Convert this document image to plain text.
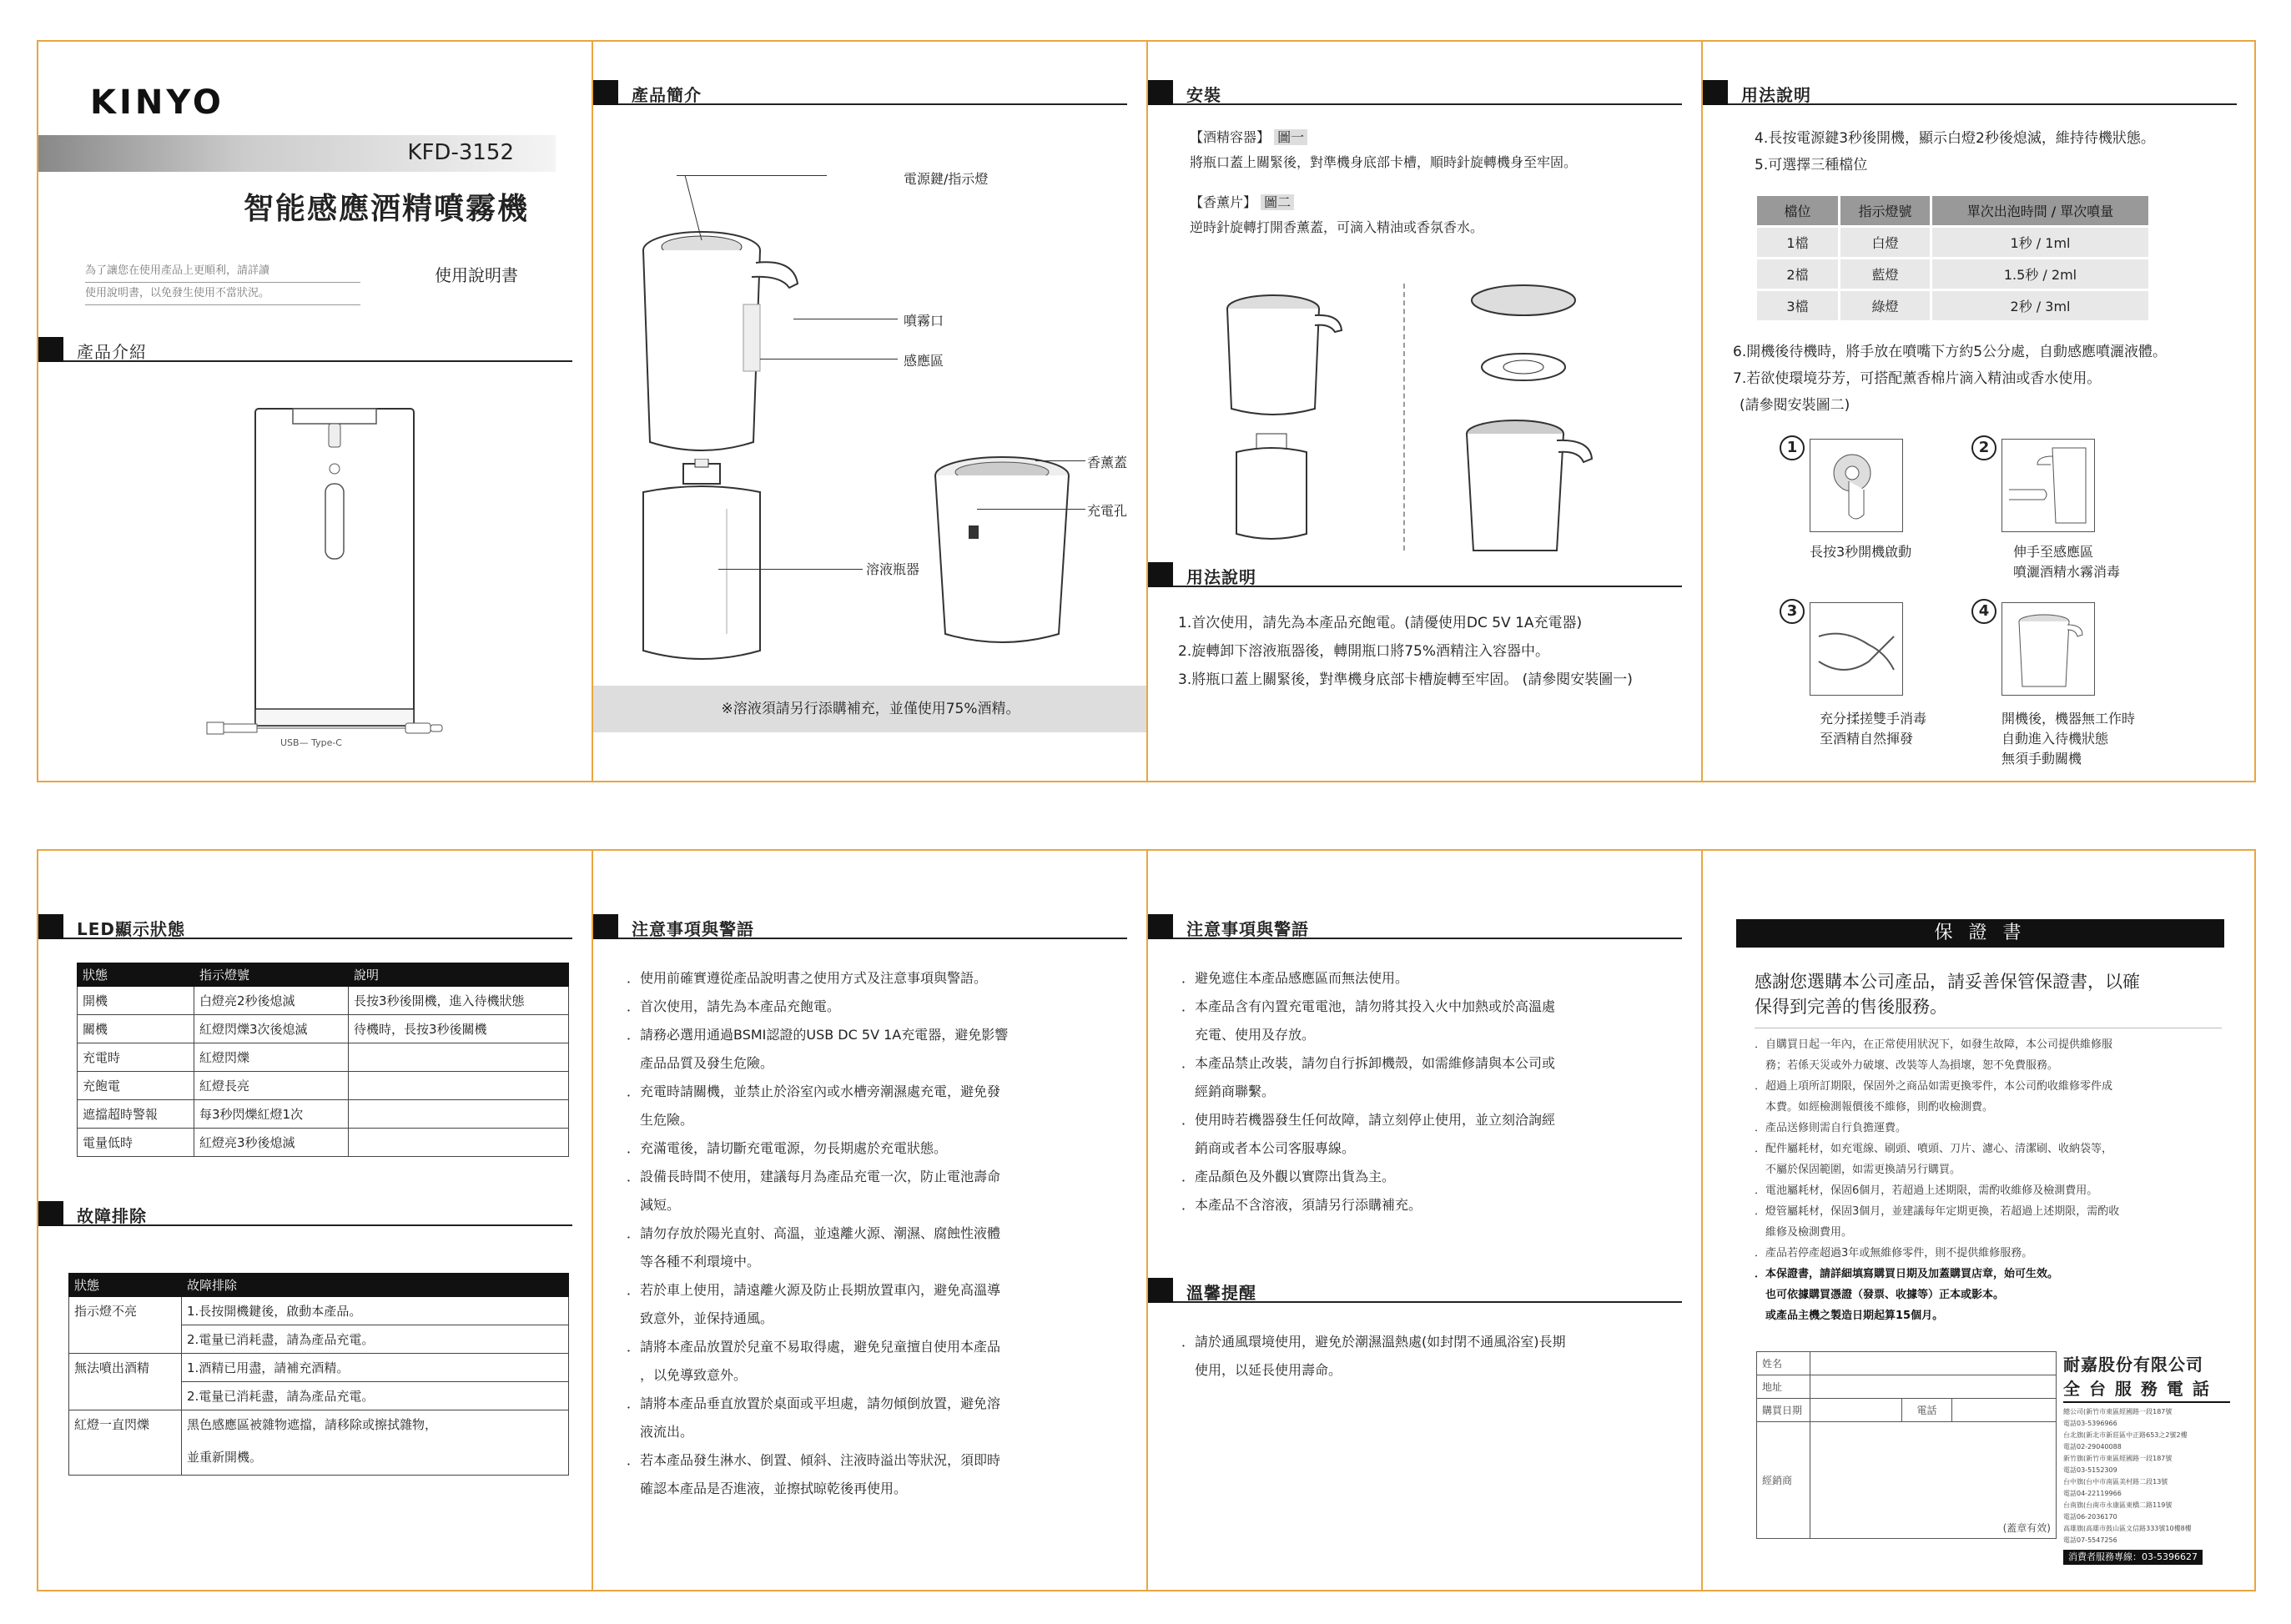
KINYO
KFD-3152
智能感應酒精噴霧機
為了讓您在使用產品上更順利，請詳讀
使用說明書，以免發生使用不當狀況。
使用說明書
產品介紹
USB— Type-C
產品簡介
電源鍵/指示燈
噴霧口
感應區
溶液瓶器
香薰蓋
充電孔
※溶液須請另行添購補充，並僅使用75%酒精。
安裝
【酒精容器】 圖一
將瓶口蓋上關緊後，對準機身底部卡槽，順時針旋轉機身至牢固。
【香薰片】 圖二
逆時針旋轉打開香薰蓋，可滴入精油或香氛香水。
用法說明
1.首次使用，請先為本產品充飽電。(請優使用DC 5V 1A充電器)
2.旋轉卸下溶液瓶器後，轉開瓶口將75%酒精注入容器中。
3.將瓶口蓋上關緊後，對準機身底部卡槽旋轉至牢固。 (請參閱安裝圖一)
用法說明
4.長按電源鍵3秒後開機，顯示白燈2秒後熄滅，維持待機狀態。
5.可選擇三種檔位
檔位	指示燈號	單次出泡時間 / 單次噴量
1檔	白燈	1秒 / 1ml
2檔	藍燈	1.5秒 / 2ml
3檔	綠燈	2秒 / 3ml
6.開機後待機時，將手放在噴嘴下方約5公分處，自動感應噴灑液體。
7.若欲使環境芬芳，可搭配薰香棉片滴入精油或香水使用。
(請參閱安裝圖二)
1
長按3秒開機啟動
2
伸手至感應區
噴灑酒精水霧消毒
3
充分揉搓雙手消毒
至酒精自然揮發
4
開機後，機器無工作時
自動進入待機狀態
無須手動關機
LED顯示狀態
狀態	指示燈號	說明
開機	白燈亮2秒後熄滅	長按3秒後開機，進入待機狀態
關機	紅燈閃爍3次後熄滅	待機時，長按3秒後關機
充電時	紅燈閃爍	
充飽電	紅燈長亮	
遮擋超時警報	每3秒閃爍紅燈1次	
電量低時	紅燈亮3秒後熄滅	
故障排除
狀態	故障排除
指示燈不亮	1.長按開機鍵後，啟動本產品。
	2.電量已消耗盡，請為產品充電。
無法噴出酒精	1.酒精已用盡，請補充酒精。
	2.電量已消耗盡，請為產品充電。
紅燈一直閃爍	黑色感應區被雜物遮擋，請移除或擦拭雜物，
	並重新開機。
注意事項與警語
．使用前確實遵從產品說明書之使用方式及注意事項與警語。
．首次使用，請先為本產品充飽電。
．請務必選用通過BSMI認證的USB DC 5V 1A充電器，避免影響
　產品品質及發生危險。
．充電時請關機，並禁止於浴室內或水槽旁潮濕處充電，避免發
　生危險。
．充滿電後，請切斷充電電源，勿長期處於充電狀態。
．設備長時間不使用，建議每月為產品充電一次，防止電池壽命
　減短。
．請勿存放於陽光直射、高溫，並遠離火源、潮濕、腐蝕性液體
　等各種不利環境中。
．若於車上使用，請遠離火源及防止長期放置車內，避免高溫導
　致意外，並保持通風。
．請將本產品放置於兒童不易取得處，避免兒童擅自使用本產品
　，以免導致意外。
．請將本產品垂直放置於桌面或平坦處，請勿傾倒放置，避免溶
　液流出。
．若本產品發生淋水、倒置、傾斜、注液時溢出等狀況，須即時
　確認本產品是否進液，並擦拭晾乾後再使用。
注意事項與警語
．避免遮住本產品感應區而無法使用。
．本產品含有內置充電電池，請勿將其投入火中加熱或於高溫處
　充電、使用及存放。
．本產品禁止改裝，請勿自行拆卸機殼，如需維修請與本公司或
　經銷商聯繫。
．使用時若機器發生任何故障，請立刻停止使用，並立刻洽詢經
　銷商或者本公司客服專線。
．產品顏色及外觀以實際出貨為主。
．本產品不含溶液，須請另行添購補充。
溫馨提醒
．請於通風環境使用，避免於潮濕溫熱處(如封閉不通風浴室)長期
　使用，以延長使用壽命。
保 證 書
感謝您選購本公司產品，請妥善保管保證書，以確
保得到完善的售後服務。
．自購買日起一年內，在正常使用狀況下，如發生故障，本公司提供維修服
　務；若係天災或外力破壞、改裝等人為損壞，恕不免費服務。
．超過上項所訂期限，保固外之商品如需更換零件，本公司酌收維修零件成
　本費。如經檢測報價後不維修，則酌收檢測費。
．產品送修則需自行負擔運費。
．配件屬耗材，如充電線、刷頭、噴頭、刀片、濾心、清潔刷、收納袋等，
　不屬於保固範圍，如需更換請另行購買。
．電池屬耗材，保固6個月，若超過上述期限，需酌收維修及檢測費用。
．燈管屬耗材，保固3個月，並建議每年定期更換，若超過上述期限，需酌收
　維修及檢測費用。
．產品若停產超過3年或無維修零件，則不提供維修服務。
．本保證書，請詳細填寫購買日期及加蓋購買店章，始可生效。
　也可依據購買憑證（發票、收據等）正本或影本。
　或產品主機之製造日期起算15個月。
姓名			
地址			
購買日期		電話	
經銷商	(蓋章有效)		
耐嘉股份有限公司
全 台 服 務 電 話
總公司(新竹市東區經國路一段187號
電話03-5396966
台北旗(新北市新莊區中正路653之2號2樓
電話02-29040088
新竹旗(新竹市東區經國路一段187號
電話03-5152309
台中旗(台中市南區美村路二段13號
電話04-22119966
台南旗(台南市永康區東橋二路119號
電話06-2036170
高雄旗(高雄市鼓山區文信路333號10樓8樓
電話07-5547256
消費者服務專線：03-5396627
